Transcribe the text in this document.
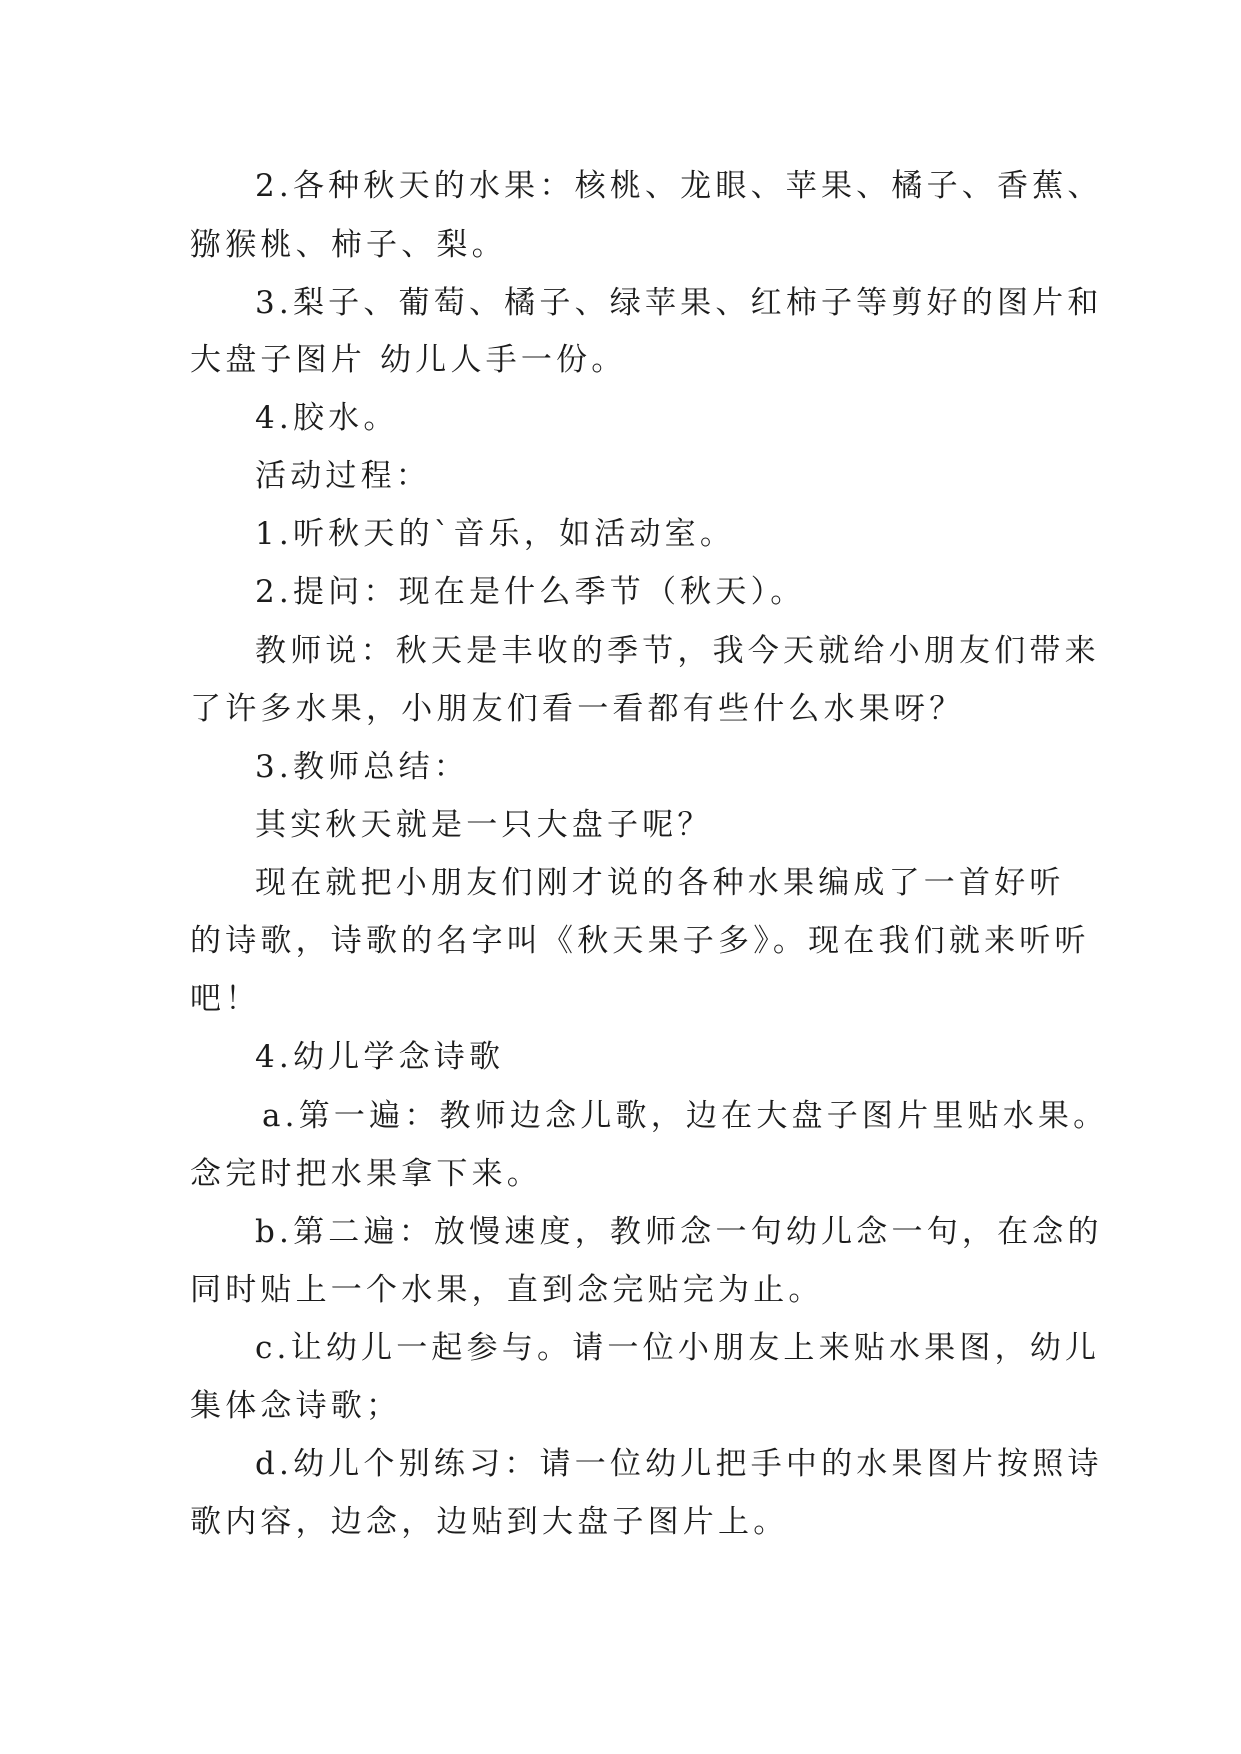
2.各种秋天的水果：核桃、龙眼、苹果、橘子、香蕉、
猕猴桃、柿子、梨。
3.梨子、葡萄、橘子、绿苹果、红柿子等剪好的图片和
大盘子图片 幼儿人手一份。
4.胶水。
活动过程：
1.听秋天的`音乐，如活动室。
2.提问：现在是什么季节（秋天）。
教师说：秋天是丰收的季节，我今天就给小朋友们带来
了许多水果，小朋友们看一看都有些什么水果呀？
3.教师总结：
其实秋天就是一只大盘子呢？
现在就把小朋友们刚才说的各种水果编成了一首好听
的诗歌，诗歌的名字叫《秋天果子多》。现在我们就来听听
吧！
4.幼儿学念诗歌
a.第一遍：教师边念儿歌，边在大盘子图片里贴水果。
念完时把水果拿下来。
b.第二遍：放慢速度，教师念一句幼儿念一句，在念的
同时贴上一个水果，直到念完贴完为止。
c.让幼儿一起参与。请一位小朋友上来贴水果图，幼儿
集体念诗歌；
d.幼儿个别练习：请一位幼儿把手中的水果图片按照诗
歌内容，边念，边贴到大盘子图片上。
